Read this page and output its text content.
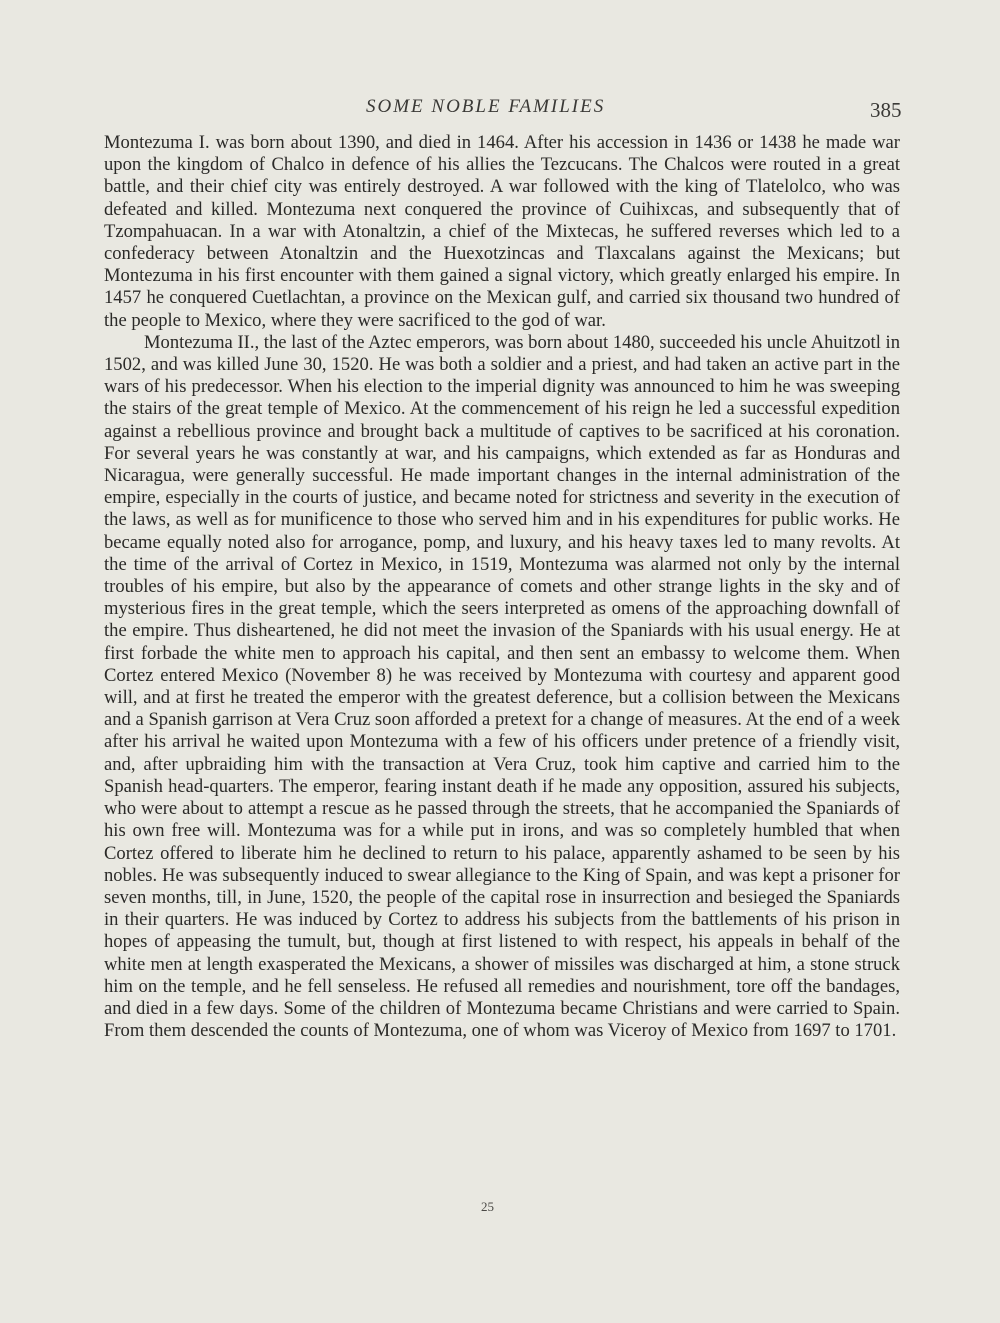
SOME NOBLE FAMILIES	385

Montezuma I. was born about 1390, and died in 1464. After his accession in 1436 or 1438 he made war upon the kingdom of Chalco in defence of his allies the Tezcucans. The Chalcos were routed in a great battle, and their chief city was entirely destroyed. A war followed with the king of Tlatelolco, who was defeated and killed. Montezuma next conquered the province of Cuihixcas, and subsequently that of Tzompahuacan. In a war with Atonaltzin, a chief of the Mixtecas, he suffered reverses which led to a confederacy between Atonaltzin and the Huexotzincas and Tlaxcalans against the Mexicans; but Montezuma in his first encounter with them gained a signal victory, which greatly enlarged his empire. In 1457 he conquered Cuetlachtan, a province on the Mexican gulf, and carried six thousand two hundred of the people to Mexico, where they were sacrificed to the god of war.

Montezuma II., the last of the Aztec emperors, was born about 1480, succeeded his uncle Ahuitzotl in 1502, and was killed June 30, 1520. He was both a soldier and a priest, and had taken an active part in the wars of his predecessor. When his election to the imperial dignity was announced to him he was sweeping the stairs of the great temple of Mexico. At the commencement of his reign he led a successful expedition against a rebellious province and brought back a multitude of captives to be sacrificed at his coronation. For several years he was constantly at war, and his campaigns, which extended as far as Honduras and Nicaragua, were generally successful. He made important changes in the internal administration of the empire, especially in the courts of justice, and became noted for strictness and severity in the execution of the laws, as well as for munificence to those who served him and in his expenditures for public works. He became equally noted also for arrogance, pomp, and luxury, and his heavy taxes led to many revolts. At the time of the arrival of Cortez in Mexico, in 1519, Montezuma was alarmed not only by the internal troubles of his empire, but also by the appearance of comets and other strange lights in the sky and of mysterious fires in the great temple, which the seers interpreted as omens of the approaching downfall of the empire. Thus disheartened, he did not meet the invasion of the Spaniards with his usual energy. He at first forbade the white men to approach his capital, and then sent an embassy to welcome them. When Cortez entered Mexico (November 8) he was received by Montezuma with courtesy and apparent good will, and at first he treated the emperor with the greatest deference, but a collision between the Mexicans and a Spanish garrison at Vera Cruz soon afforded a pretext for a change of measures. At the end of a week after his arrival he waited upon Montezuma with a few of his officers under pretence of a friendly visit, and, after upbraiding him with the transaction at Vera Cruz, took him captive and carried him to the Spanish head-quarters. The emperor, fearing instant death if he made any opposition, assured his subjects, who were about to attempt a rescue as he passed through the streets, that he accompanied the Spaniards of his own free will. Montezuma was for a while put in irons, and was so completely humbled that when Cortez offered to liberate him he declined to return to his palace, apparently ashamed to be seen by his nobles. He was subsequently induced to swear allegiance to the King of Spain, and was kept a prisoner for seven months, till, in June, 1520, the people of the capital rose in insurrection and besieged the Spaniards in their quarters. He was induced by Cortez to address his subjects from the battlements of his prison in hopes of appeasing the tumult, but, though at first listened to with respect, his appeals in behalf of the white men at length exasperated the Mexicans, a shower of missiles was discharged at him, a stone struck him on the temple, and he fell senseless. He refused all remedies and nourishment, tore off the bandages, and died in a few days. Some of the children of Montezuma became Christians and were carried to Spain. From them descended the counts of Montezuma, one of whom was Viceroy of Mexico from 1697 to 1701.

25
